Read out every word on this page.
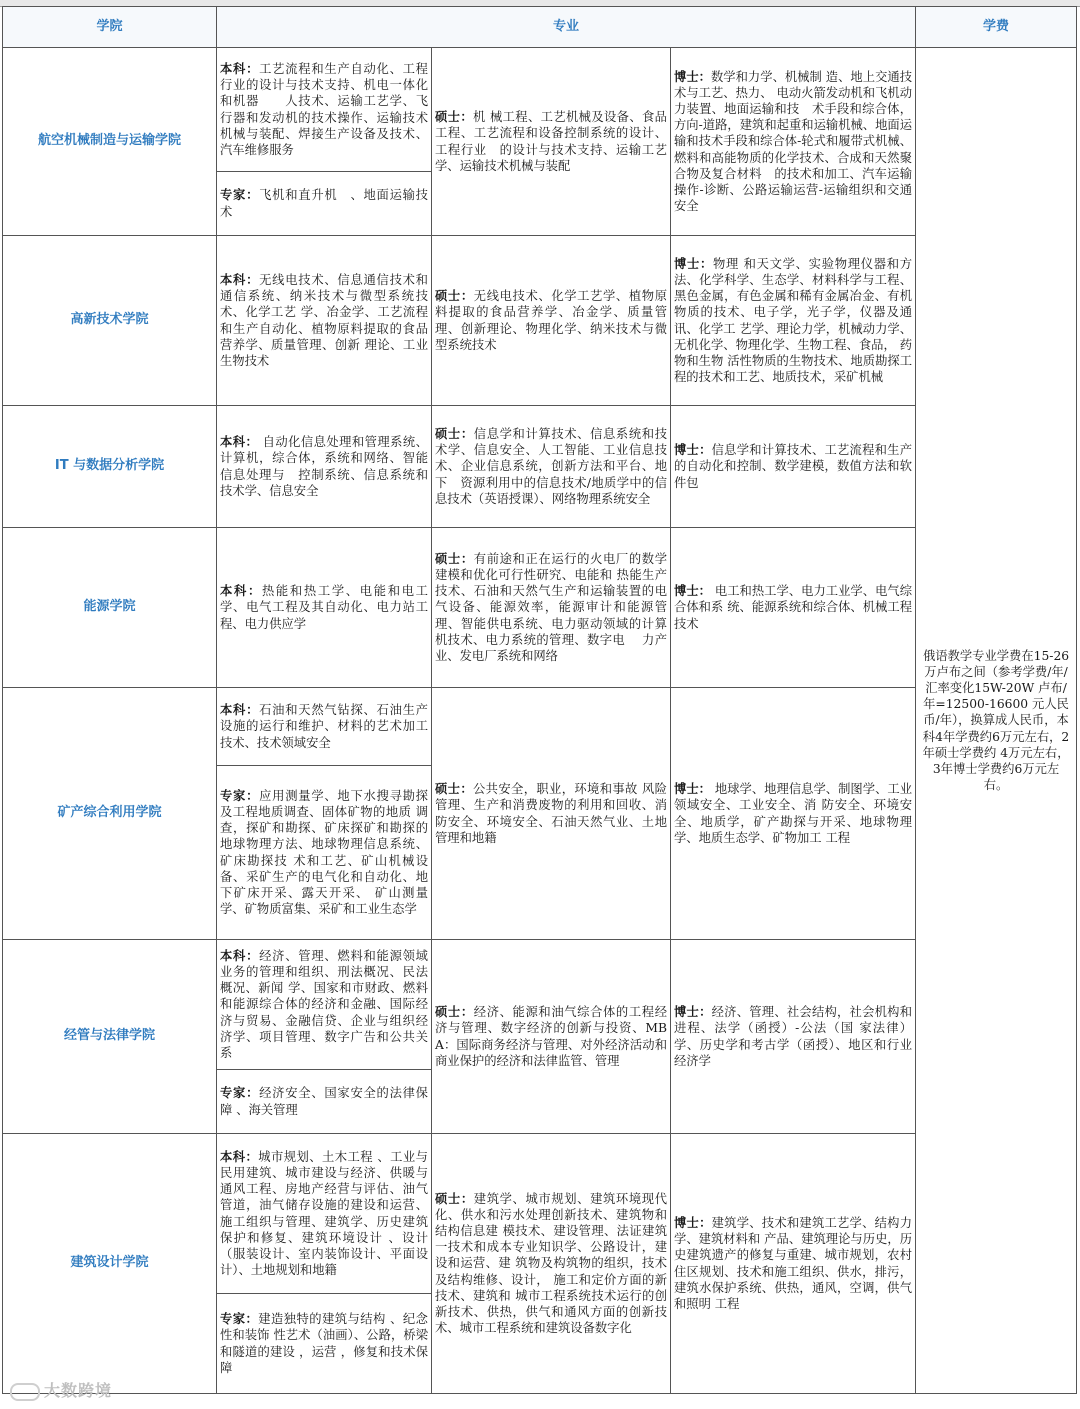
学院	专业			学费
航空机械制造与运输学院	本科：工艺流程和生产自动化、工程行业的设计与技术支持、机电一体化和机器　　人技术、运输工艺学、飞行器和发动机的技术操作、运输技术机械与装配、焊接生产设备及技术、汽车维修服务	硕士：机 械工程、工艺机械及设备、食品工程、工艺流程和设备控制系统的设计、工程行业　的设计与技术支持、运输工艺学、运输技术机械与装配	博士：数学和力学、机械制 造、地上交通技术与工艺、热力、 电动火箭发动机和飞机动力装置、地面运输和技　术手段和综合体，方向-道路，建筑和起重和运输机械、地面运输和技术手段和综合体-轮式和履带式机械、燃料和高能物质的化学技术、合成和天然聚合物及复合材料　的技术和加工、汽车运输操作-诊断、公路运输运营-运输组织和交通安全	俄语教学专业学费在15-26万卢布之间（参考学费/年/汇率变化15W-20W 卢布/年=12500-16600 元人民币/年），换算成人民币，本科4年学费约6万元左右，2年硕士学费约 4万元左右，3年博士学费约6万元左右。
	专家：飞机和直升机　、地面运输技术			
高新技术学院	本科：无线电技术、信息通信技术和通信系统、纳米技术与微型系统技术、化学工艺 学、冶金学、工艺流程和生产自动化、植物原料提取的食品营养学、质量管理、创新 理论、工业生物技术	硕士：无线电技术、化学工艺学、植物原料提取的食品营养学、冶金学、质量管理、创新理论、物理化学、纳米技术与微型系统技术	博士：物理 和天文学、实验物理仪器和方法、化学科学、生态学、材料科学与工程、黑色金属，有色金属和稀有金属冶金、有机物质的技术、电子学，光子学，仪器及通讯、化学工 艺学、理论力学，机械动力学、无机化学、物理化学、生物工程、食品， 药物和生物 活性物质的生物技术、地质勘探工程的技术和工艺、地质技术，采矿机械	
IT 与数据分析学院	本科： 自动化信息处理和管理系统、计算机，综合体，系统和网络、智能信息处理与　控制系统、信息系统和技术学、信息安全	硕士：信息学和计算技术、信息系统和技　术学、信息安全、人工智能、工业信息技术、企业信息系统，创新方法和平台、地下　资源利用中的信息技术/地质学中的信息技术（英语授课）、网络物理系统安全	博士：信息学和计算技术、工艺流程和生产的自动化和控制、数学建模，数值方法和软件包	
能源学院	本科：热能和热工学、电能和电工学、电气工程及其自动化、电力站工程、电力供应学	硕士：有前途和正在运行的火电厂的数学建模和优化可行性研究、电能和 热能生产技术、石油和天然气生产和运输装置的电气设备、能源效率，能源审计和能源管理、智能供电系统、电力驱动领域的计算机技术、电力系统的管理、数字电　 力产业、发电厂系统和网络	博士： 电工和热工学、电力工业学、电气综合体和系 统、能源系统和综合体、机械工程技术	
矿产综合利用学院	本科：石油和天然气钻探、石油生产设施的运行和维护、材料的艺术加工技术、技术领域安全	硕士：公共安全，职业，环境和事故 风险管理、生产和消费废物的利用和回收、消防安全、环境安全、石油天然气业、土地管理和地籍	博士： 地球学、地理信息学、制图学、工业领域安全、工业安全、消 防安全、环境安全、地质学，矿产勘探与开采、地球物理学、地质生态学、矿物加工 工程	
	专家：应用测量学、地下水搜寻勘探及工程地质调查、固体矿物的地质 调 查，探矿和勘探、矿床探矿和勘探的地球物理方法、地球物理信息系统、矿床勘探技 术和工艺、矿山机械设备、采矿生产的电气化和自动化、地下矿床开采、露天开采、 矿山测量学、矿物质富集、采矿和工业生态学			
经管与法律学院	本科：经济、管理、燃料和能源领域业务的管理和组织、刑法概况、民法概况、新闻 学、国家和市财政、燃料和能源综合体的经济和金融、国际经济与贸易、金融信贷、企业与组织经济学、项目管理、数字广告和公共关系	硕士：经济、能源和油气综合体的工程经济与管理、数字经济的创新与投资、MBA：国际商务经济与管理、对外经济活动和商业保护的经济和法律监管、管理	博士：经济、管理、社会结构，社会机构和进程、法学（函授）-公法（国 家法律）学、历史学和考古学（函授）、地区和行业经济学	
	专家：经济安全、国家安全的法律保障 、海关管理			
建筑设计学院	本科：城市规划、土木工程 、工业与民用建筑、城市建设与经济、供暖与通风工程、房地产经营与评估、油气管道，油气储存设施的建设和运营、施工组织与管理、建筑学、历史建筑保护和修复、建筑环境设计 、设计（服装设计、室内装饰设计、平面设计）、土地规划和地籍	硕士：建筑学、城市规划、建筑环境现代化、供水和污水处理创新技术、建筑物和结构信息建 模技术、建设管理、法证建筑一技术和成本专业知识学、公路设计，建设和运营、建 筑物及构筑物的组织，技术及结构维修、设计， 施工和定价方面的新技术、建筑和 城市工程系统技术运行的创新技术、供热，供气和通风方面的创新技术、城市工程系统和建筑设备数字化	博士：建筑学、技术和建筑工艺学、结构力学、建筑材料和 产品、建筑理论与历史，历史建筑遗产的修复与重建、城市规划，农村住区规划、技术和施工组织、供水，排污，建筑水保护系统、供热，通风，空调，供气和照明 工程	
	专家：建造独特的建筑与结构 、纪念性和装饰 性艺术（油画）、公路，桥梁和隧道的建设 ，运营 ，修复和技术保障			
大数跨境
